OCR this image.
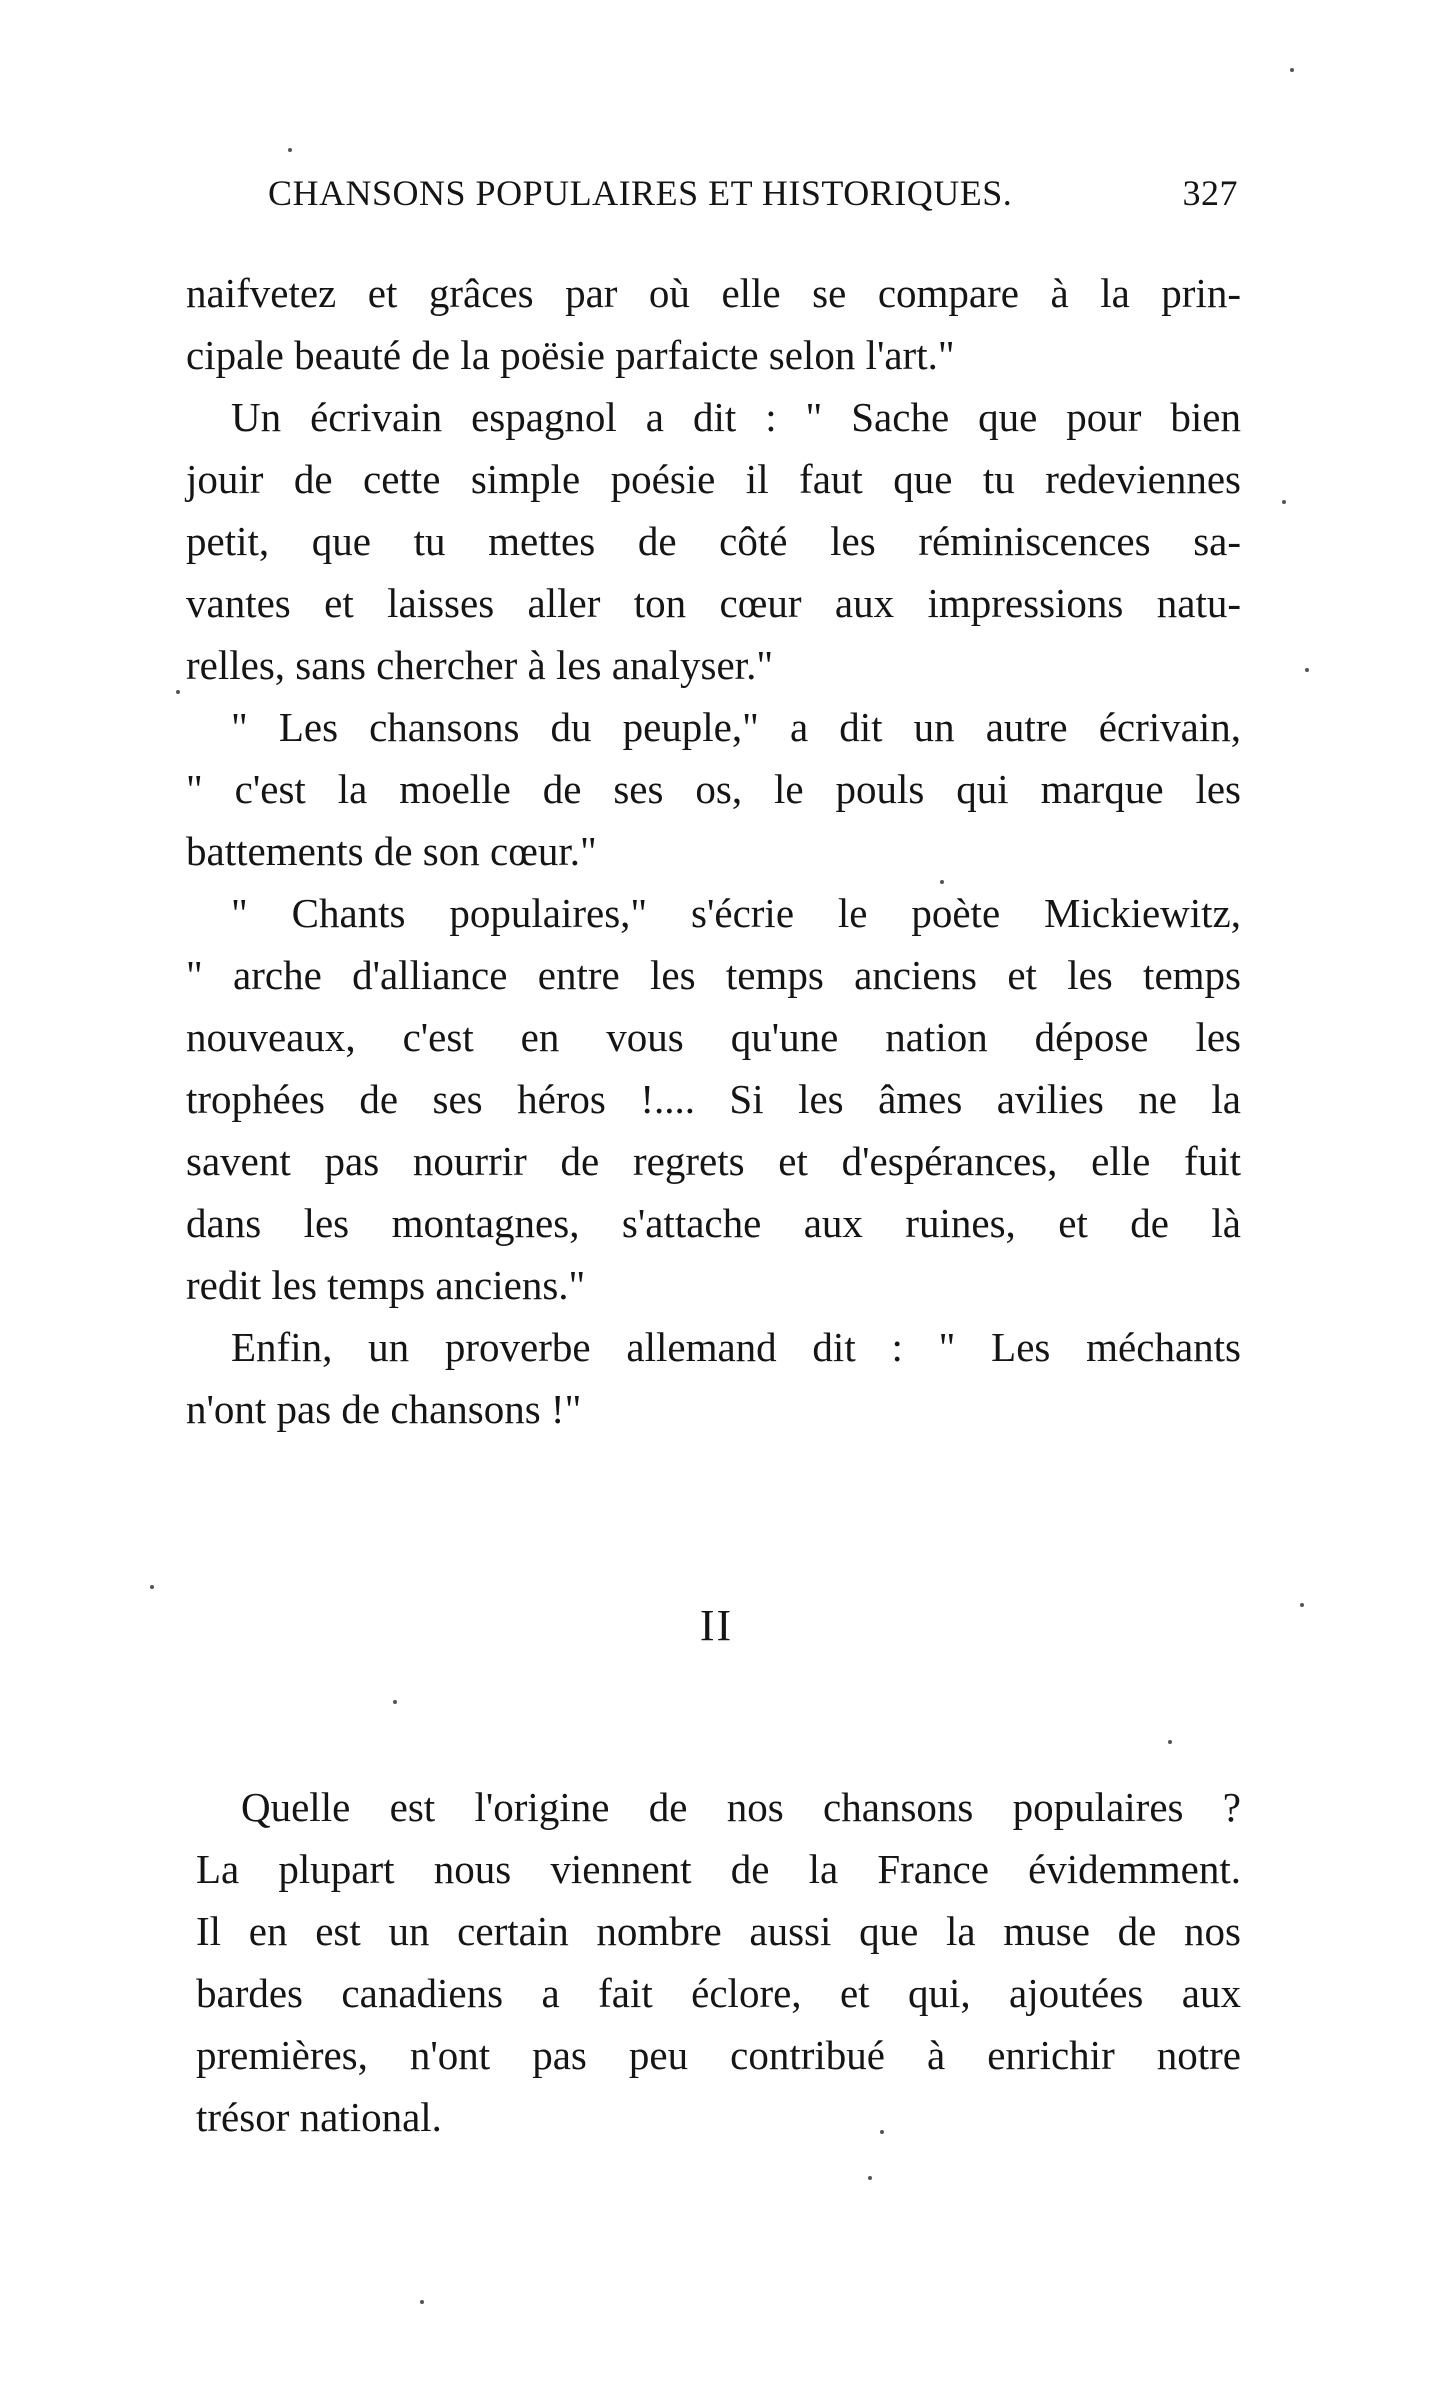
CHANSONS POPULAIRES ET HISTORIQUES.	327
naifvetez et grâces par où elle se compare à la prin-
cipale beauté de la poësie parfaicte selon l'art."
Un écrivain espagnol a dit : " Sache que pour bien
jouir de cette simple poésie il faut que tu redeviennes
petit, que tu mettes de côté les réminiscences sa-
vantes et laisses aller ton cœur aux impressions natu-
relles, sans chercher à les analyser."
" Les chansons du peuple," a dit un autre écrivain,
" c'est la moelle de ses os, le pouls qui marque les
battements de son cœur."
" Chants populaires," s'écrie le poète Mickiewitz,
" arche d'alliance entre les temps anciens et les temps
nouveaux, c'est en vous qu'une nation dépose les
trophées de ses héros !.... Si les âmes avilies ne la
savent pas nourrir de regrets et d'espérances, elle fuit
dans les montagnes, s'attache aux ruines, et de là
redit les temps anciens."
Enfin, un proverbe allemand dit : " Les méchants
n'ont pas de chansons !"
II
Quelle est l'origine de nos chansons populaires ?
La plupart nous viennent de la France évidemment.
Il en est un certain nombre aussi que la muse de nos
bardes canadiens a fait éclore, et qui, ajoutées aux
premières, n'ont pas peu contribué à enrichir notre
trésor national.
